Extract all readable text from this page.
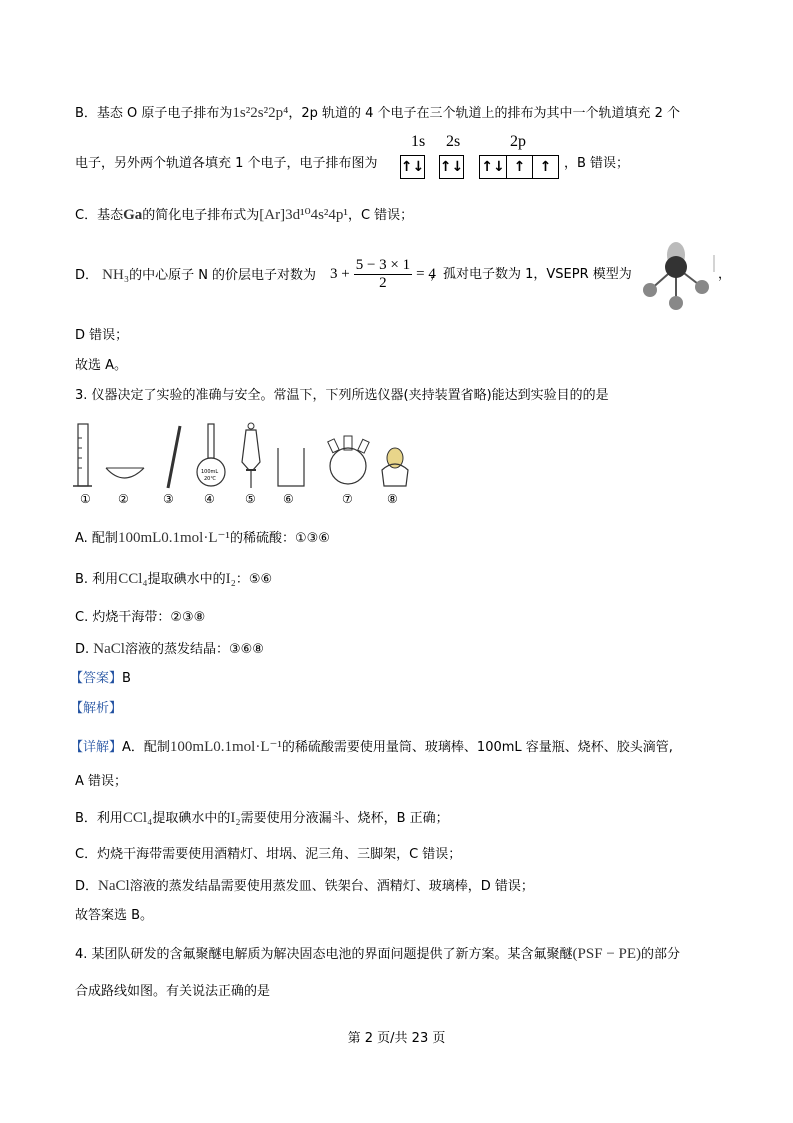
B．基态 O 原子电子排布为1s²2s²2p⁴，2p 轨道的 4 个电子在三个轨道上的排布为其中一个轨道填充 2 个
电子，另外两个轨道各填充 1 个电子，电子排布图为
1s 2s	2p
↑↓ ↑↓ ↑↓ ↑	↑ ，B 错误；
C．基态Ga的简化电子排布式为[Ar]3d¹⁰4s²4p¹，C 错误；
D． NH₃的中心原子 N 的价层电子对数为 $3 + \frac{5 - 3 \times 1}{2} = 4$
，孤对电子数为 1，VSEPR 模型为	，
D 错误；
故选 A。
3. 仪器决定了实验的准确与安全。常温下，下列所选仪器(夹持装置省略)能达到实验目的的是
100mL
20℃
① ②	③	④	⑤ ⑥	⑦	⑧
A. 配制100mL0.1mol·L⁻¹的稀硫酸：①③⑥
B. 利用CCl₄提取碘水中的I₂：⑤⑥
C. 灼烧干海带：②③⑧
D. NaCl溶液的蒸发结晶：③⑥⑧
【答案】B
【解析】
【详解】A．配制100mL0.1mol·L⁻¹的稀硫酸需要使用量筒、玻璃棒、100mL 容量瓶、烧杯、胶头滴管,
A 错误；
B．利用CCl₄提取碘水中的I₂需要使用分液漏斗、烧杯，B 正确；
C．灼烧干海带需要使用酒精灯、坩埚、泥三角、三脚架，C 错误；
D．NaCl溶液的蒸发结晶需要使用蒸发皿、铁架台、酒精灯、玻璃棒，D 错误；
故答案选 B。
4. 某团队研发的含氟聚醚电解质为解决固态电池的界面问题提供了新方案。某含氟聚醚(PSF − PE)的部分
合成路线如图。有关说法正确的是
第 2 页/共 23 页
